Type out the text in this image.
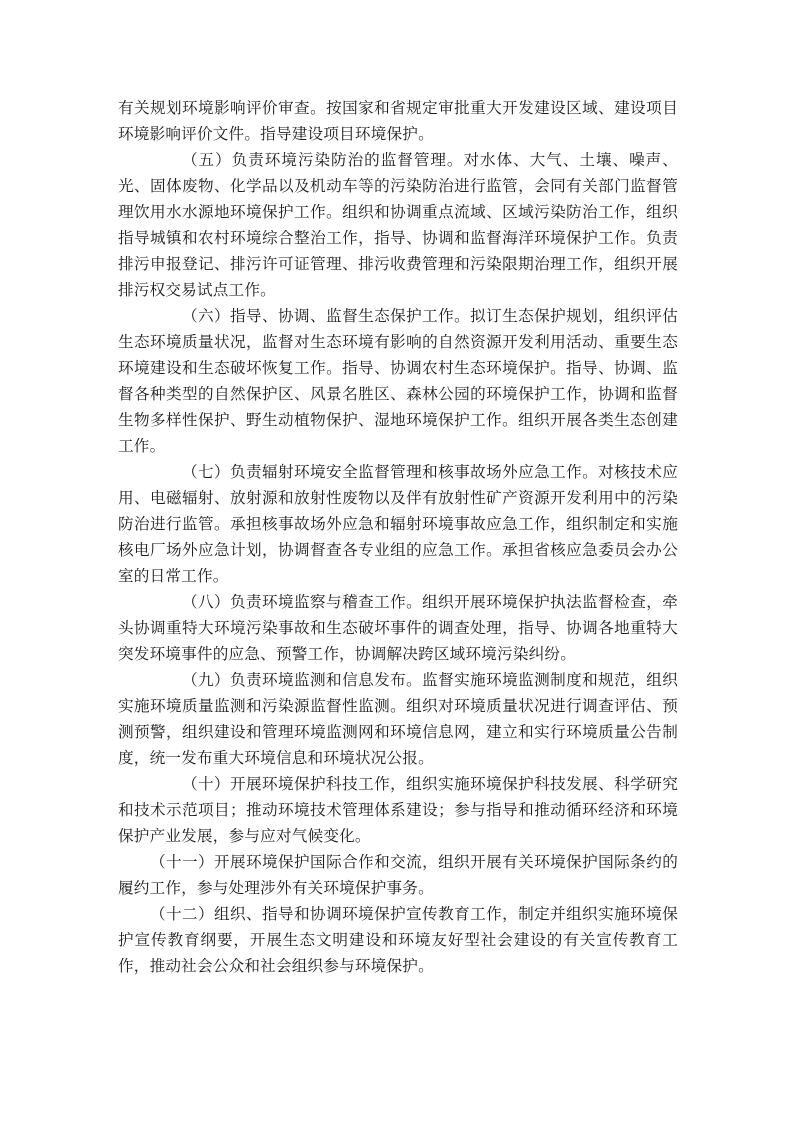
有关规划环境影响评价审查。按国家和省规定审批重大开发建设区域、建设项目环境影响评价文件。指导建设项目环境保护。

（五）负责环境污染防治的监督管理。对水体、大气、土壤、噪声、光、固体废物、化学品以及机动车等的污染防治进行监管，会同有关部门监督管理饮用水水源地环境保护工作。组织和协调重点流域、区域污染防治工作，组织指导城镇和农村环境综合整治工作，指导、协调和监督海洋环境保护工作。负责排污申报登记、排污许可证管理、排污收费管理和污染限期治理工作，组织开展排污权交易试点工作。

（六）指导、协调、监督生态保护工作。拟订生态保护规划，组织评估生态环境质量状况，监督对生态环境有影响的自然资源开发利用活动、重要生态环境建设和生态破坏恢复工作。指导、协调农村生态环境保护。指导、协调、监督各种类型的自然保护区、风景名胜区、森林公园的环境保护工作，协调和监督生物多样性保护、野生动植物保护、湿地环境保护工作。组织开展各类生态创建工作。

（七）负责辐射环境安全监督管理和核事故场外应急工作。对核技术应用、电磁辐射、放射源和放射性废物以及伴有放射性矿产资源开发利用中的污染防治进行监管。承担核事故场外应急和辐射环境事故应急工作，组织制定和实施核电厂场外应急计划，协调督查各专业组的应急工作。承担省核应急委员会办公室的日常工作。

（八）负责环境监察与稽查工作。组织开展环境保护执法监督检查，牵头协调重特大环境污染事故和生态破坏事件的调查处理，指导、协调各地重特大突发环境事件的应急、预警工作，协调解决跨区域环境污染纠纷。

（九）负责环境监测和信息发布。监督实施环境监测制度和规范，组织实施环境质量监测和污染源监督性监测。组织对环境质量状况进行调查评估、预测预警，组织建设和管理环境监测网和环境信息网，建立和实行环境质量公告制度，统一发布重大环境信息和环境状况公报。

（十）开展环境保护科技工作，组织实施环境保护科技发展、科学研究和技术示范项目；推动环境技术管理体系建设；参与指导和推动循环经济和环境保护产业发展，参与应对气候变化。

（十一）开展环境保护国际合作和交流，组织开展有关环境保护国际条约的履约工作，参与处理涉外有关环境保护事务。

（十二）组织、指导和协调环境保护宣传教育工作，制定并组织实施环境保护宣传教育纲要，开展生态文明建设和环境友好型社会建设的有关宣传教育工作，推动社会公众和社会组织参与环境保护。
